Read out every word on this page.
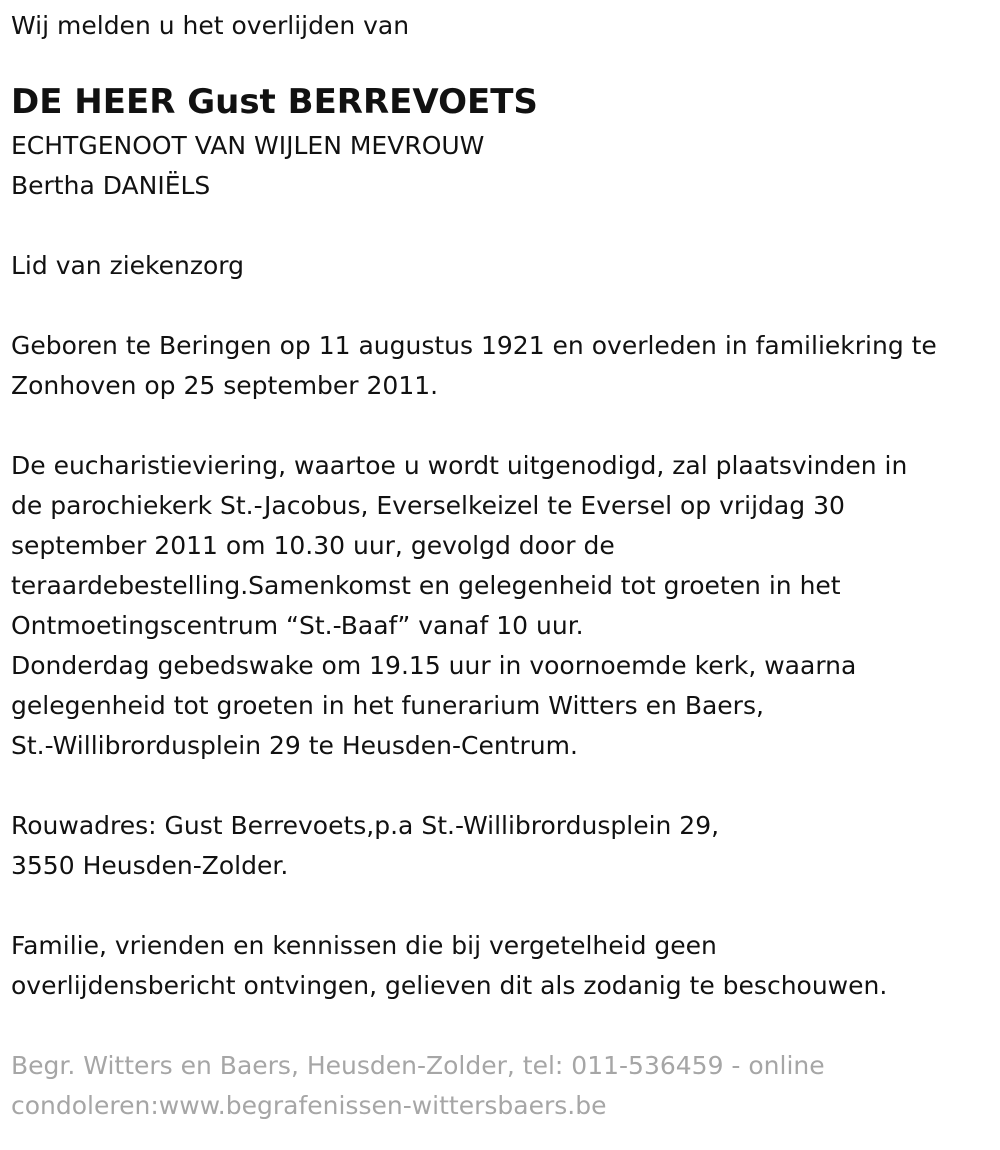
Wij melden u het overlijden van
DE HEER Gust BERREVOETS
ECHTGENOOT VAN WIJLEN MEVROUW
Bertha DANIËLS
Lid van ziekenzorg
Geboren te Beringen op 11 augustus 1921 en overleden in familiekring te
Zonhoven op 25 september 2011.
De eucharistieviering, waartoe u wordt uitgenodigd, zal plaatsvinden in
de parochiekerk St.-Jacobus, Everselkeizel te Eversel op vrijdag 30
september 2011 om 10.30 uur, gevolgd door de
teraardebestelling.Samenkomst en gelegenheid tot groeten in het
Ontmoetingscentrum “St.-Baaf” vanaf 10 uur.
Donderdag gebedswake om 19.15 uur in voornoemde kerk, waarna
gelegenheid tot groeten in het funerarium Witters en Baers,
St.-Willibrordusplein 29 te Heusden-Centrum.
Rouwadres: Gust Berrevoets,p.a St.-Willibrordusplein 29,
3550 Heusden-Zolder.
Familie, vrienden en kennissen die bij vergetelheid geen
overlijdensbericht ontvingen, gelieven dit als zodanig te beschouwen.
Begr. Witters en Baers, Heusden-Zolder, tel: 011-536459 - online
condoleren:www.begrafenissen-wittersbaers.be
